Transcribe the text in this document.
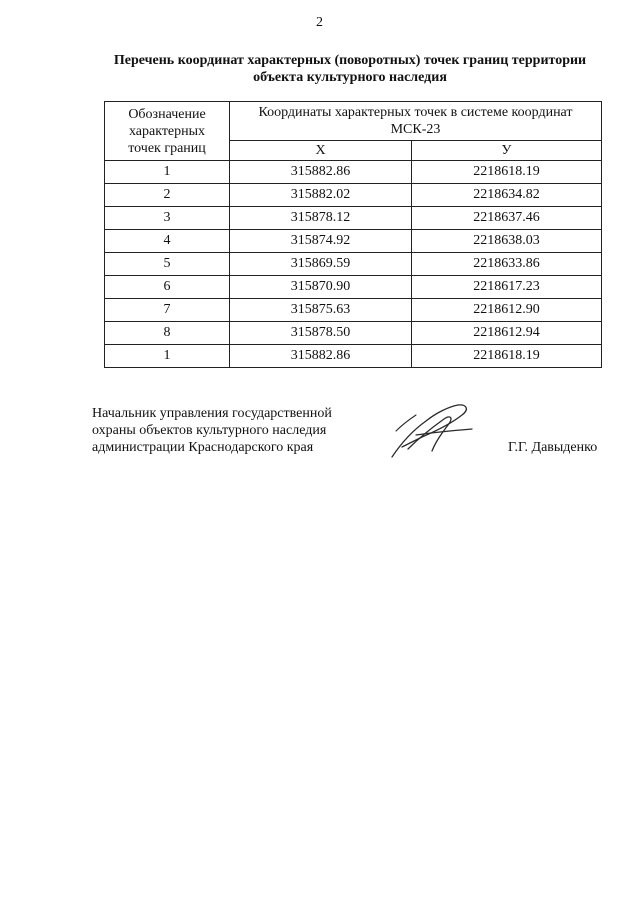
2
Перечень координат характерных (поворотных) точек границ территории
объекта культурного наследия
Обозначение
характерных
точек границ	Координаты характерных точек в системе координат
МСК-23	

	X	У
1	315882.86	2218618.19
2	315882.02	2218634.82
3	315878.12	2218637.46
4	315874.92	2218638.03
5	315869.59	2218633.86
6	315870.90	2218617.23
7	315875.63	2218612.90
8	315878.50	2218612.94
1	315882.86	2218618.19
Начальник управления государственной
охраны объектов культурного наследия
администрации Краснодарского края	Г.Г. Давыденко
